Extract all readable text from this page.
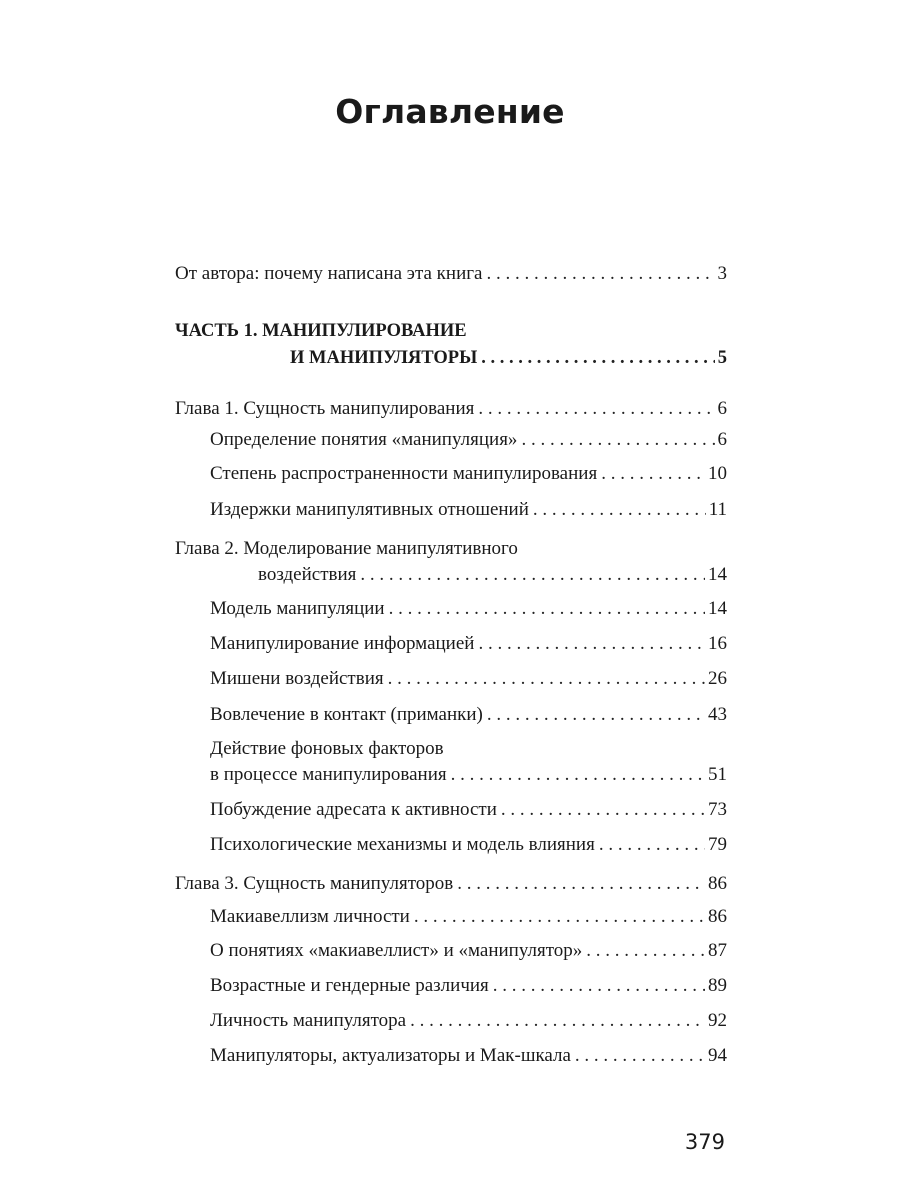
Оглавление
От автора: почему написана эта книга . . .	3
ЧАСТЬ 1. МАНИПУЛИРОВАНИЕ
И МАНИПУЛЯТОРЫ . . .	5
Глава 1. Сущность манипулирования . . .	6
Определение понятия «манипуляция» . . .	6
Степень распространенности манипулирования . . .	10
Издержки манипулятивных отношений . . .	11
Глава 2. Моделирование манипулятивного
воздействия . . .	14
Модель манипуляции . . .	14
Манипулирование информацией . . .	16
Мишени воздействия . . .	26
Вовлечение в контакт (приманки) . . .	43
Действие фоновых факторов
в процессе манипулирования . . .	51
Побуждение адресата к активности . . .	73
Психологические механизмы и модель влияния . . .	79
Глава 3. Сущность манипуляторов . . .	86
Макиавеллизм личности . . .	86
О понятиях «макиавеллист» и «манипулятор» . . .	87
Возрастные и гендерные различия . . .	89
Личность манипулятора . . .	92
Манипуляторы, актуализаторы и Мак-шкала . . .	94
379
